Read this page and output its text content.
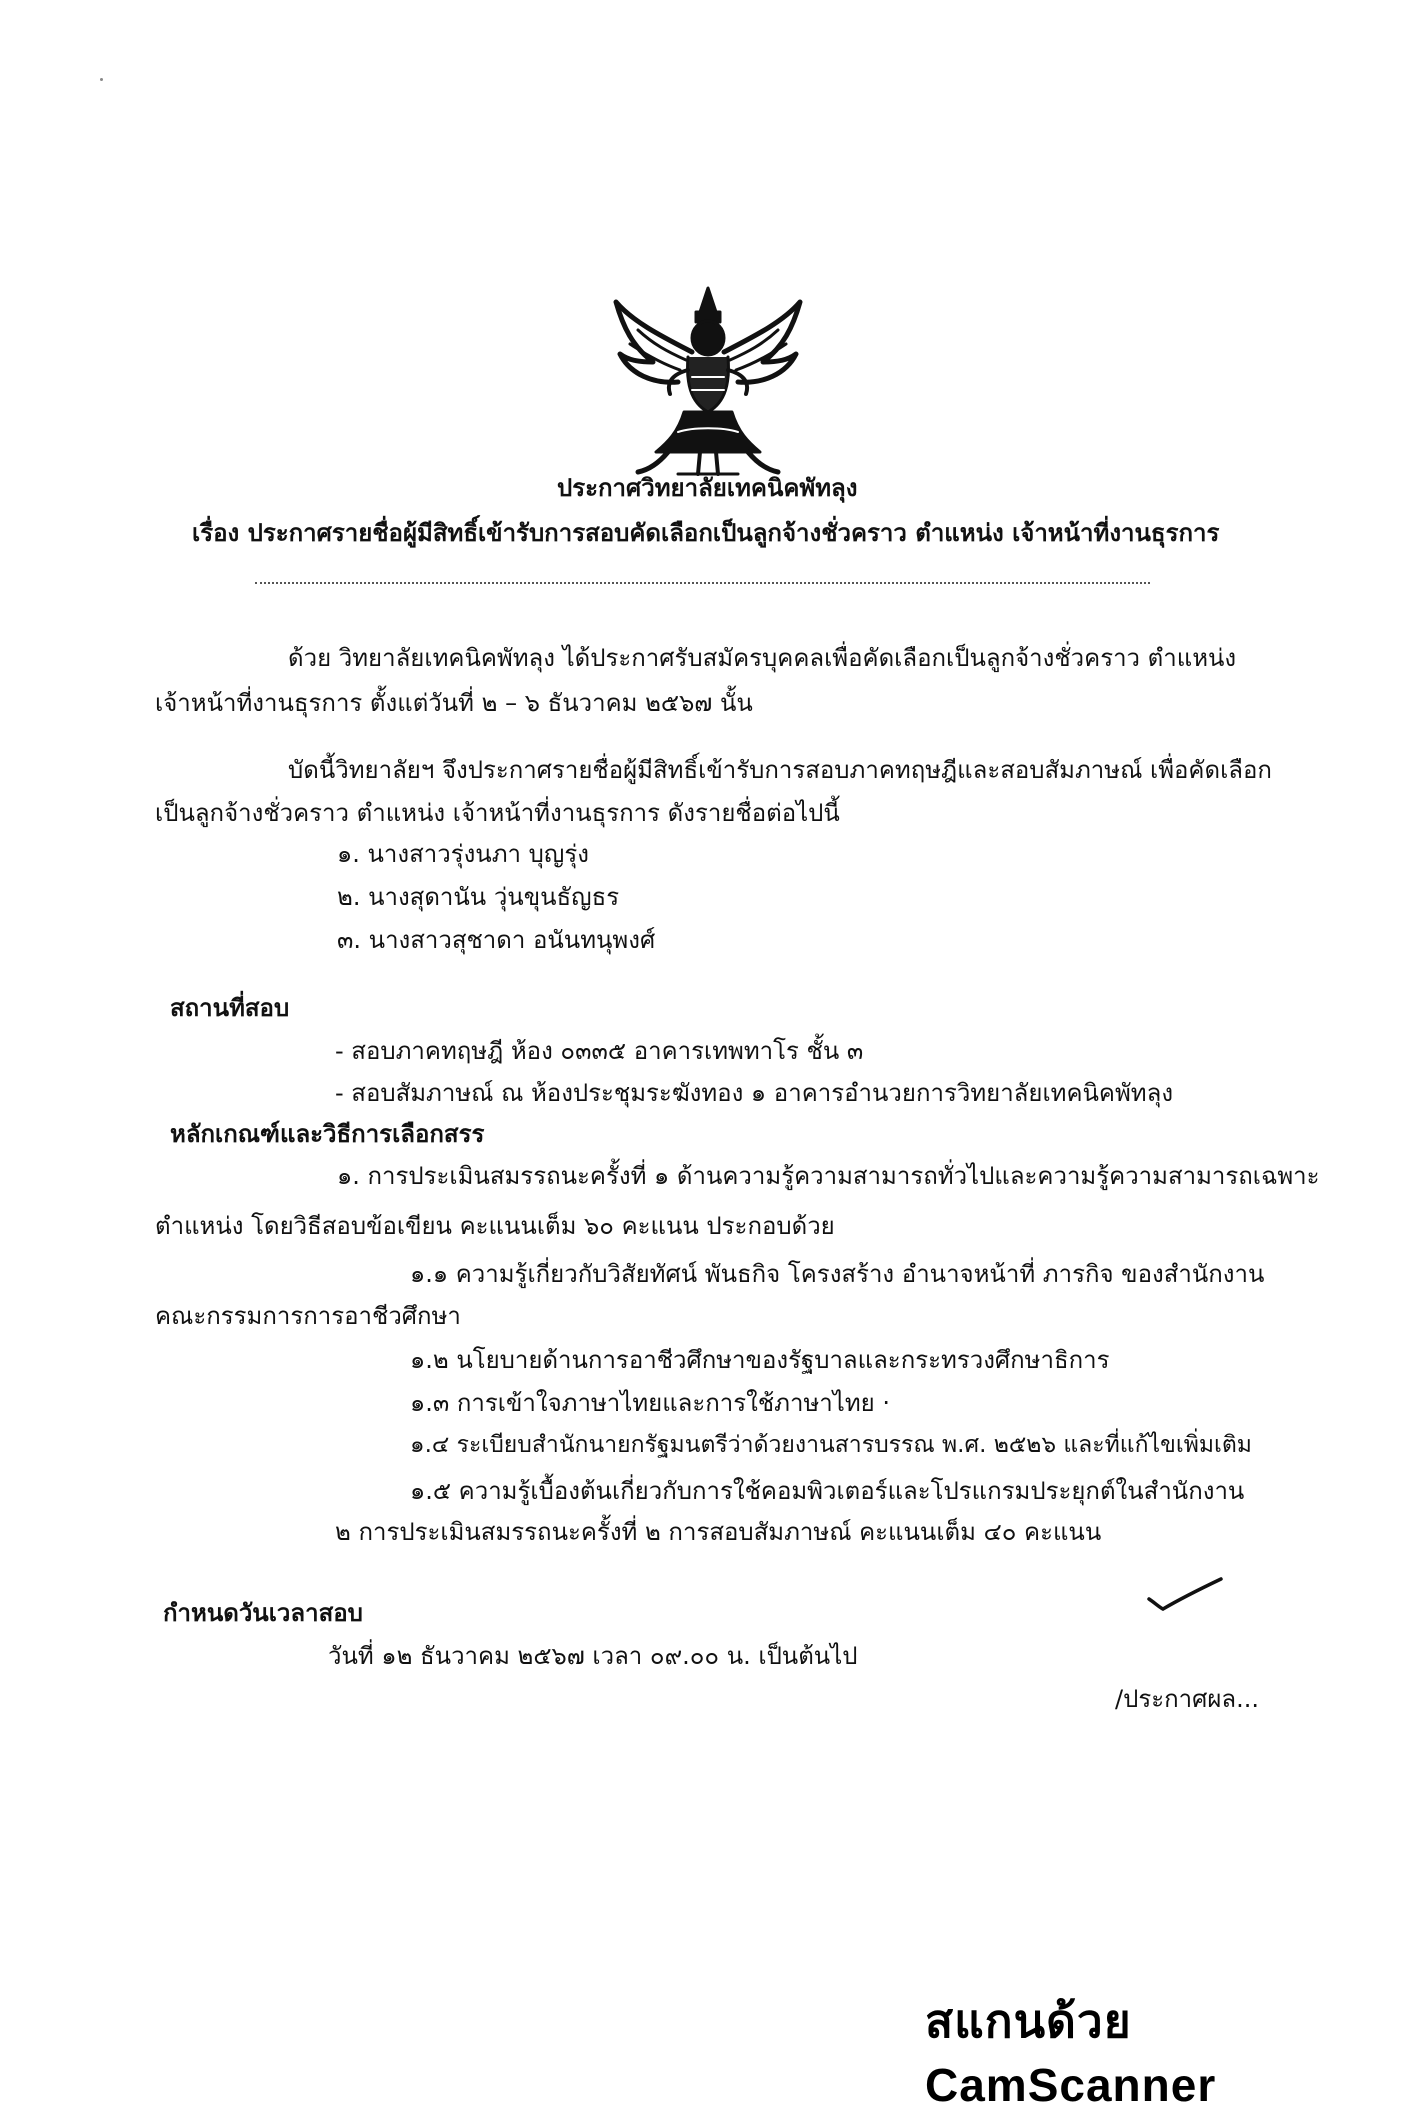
ประกาศวิทยาลัยเทคนิคพัทลุง
เรื่อง ประกาศรายชื่อผู้มีสิทธิ์เข้ารับการสอบคัดเลือกเป็นลูกจ้างชั่วคราว ตำแหน่ง เจ้าหน้าที่งานธุรการ
ด้วย วิทยาลัยเทคนิคพัทลุง ได้ประกาศรับสมัครบุคคลเพื่อคัดเลือกเป็นลูกจ้างชั่วคราว ตำแหน่ง
เจ้าหน้าที่งานธุรการ ตั้งแต่วันที่ ๒ – ๖ ธันวาคม ๒๕๖๗ นั้น
บัดนี้วิทยาลัยฯ จึงประกาศรายชื่อผู้มีสิทธิ์เข้ารับการสอบภาคทฤษฎีและสอบสัมภาษณ์ เพื่อคัดเลือก
เป็นลูกจ้างชั่วคราว ตำแหน่ง เจ้าหน้าที่งานธุรการ ดังรายชื่อต่อไปนี้
๑. นางสาวรุ่งนภา บุญรุ่ง
๒. นางสุดานัน วุ่นขุนธัญธร
๓. นางสาวสุชาดา อนันทนุพงศ์
สถานที่สอบ
- สอบภาคทฤษฎี ห้อง ๐๓๓๕ อาคารเทพทาโร ชั้น ๓
- สอบสัมภาษณ์ ณ ห้องประชุมระฆังทอง ๑ อาคารอำนวยการวิทยาลัยเทคนิคพัทลุง
หลักเกณฑ์และวิธีการเลือกสรร
๑. การประเมินสมรรถนะครั้งที่ ๑ ด้านความรู้ความสามารถทั่วไปและความรู้ความสามารถเฉพาะ
ตำแหน่ง โดยวิธีสอบข้อเขียน คะแนนเต็ม ๖๐ คะแนน ประกอบด้วย
๑.๑ ความรู้เกี่ยวกับวิสัยทัศน์ พันธกิจ โครงสร้าง อำนาจหน้าที่ ภารกิจ ของสำนักงาน
คณะกรรมการการอาชีวศึกษา
๑.๒ นโยบายด้านการอาชีวศึกษาของรัฐบาลและกระทรวงศึกษาธิการ
๑.๓ การเข้าใจภาษาไทยและการใช้ภาษาไทย ·
๑.๔ ระเบียบสำนักนายกรัฐมนตรีว่าด้วยงานสารบรรณ พ.ศ. ๒๕๒๖ และที่แก้ไขเพิ่มเติม
๑.๕ ความรู้เบื้องต้นเกี่ยวกับการใช้คอมพิวเตอร์และโปรแกรมประยุกต์ในสำนักงาน
๒ การประเมินสมรรถนะครั้งที่ ๒ การสอบสัมภาษณ์ คะแนนเต็ม ๔๐ คะแนน
กำหนดวันเวลาสอบ
วันที่ ๑๒ ธันวาคม ๒๕๖๗ เวลา ๐๙.๐๐ น. เป็นต้นไป
/ประกาศผล...
สแกนด้วย CamScanner
